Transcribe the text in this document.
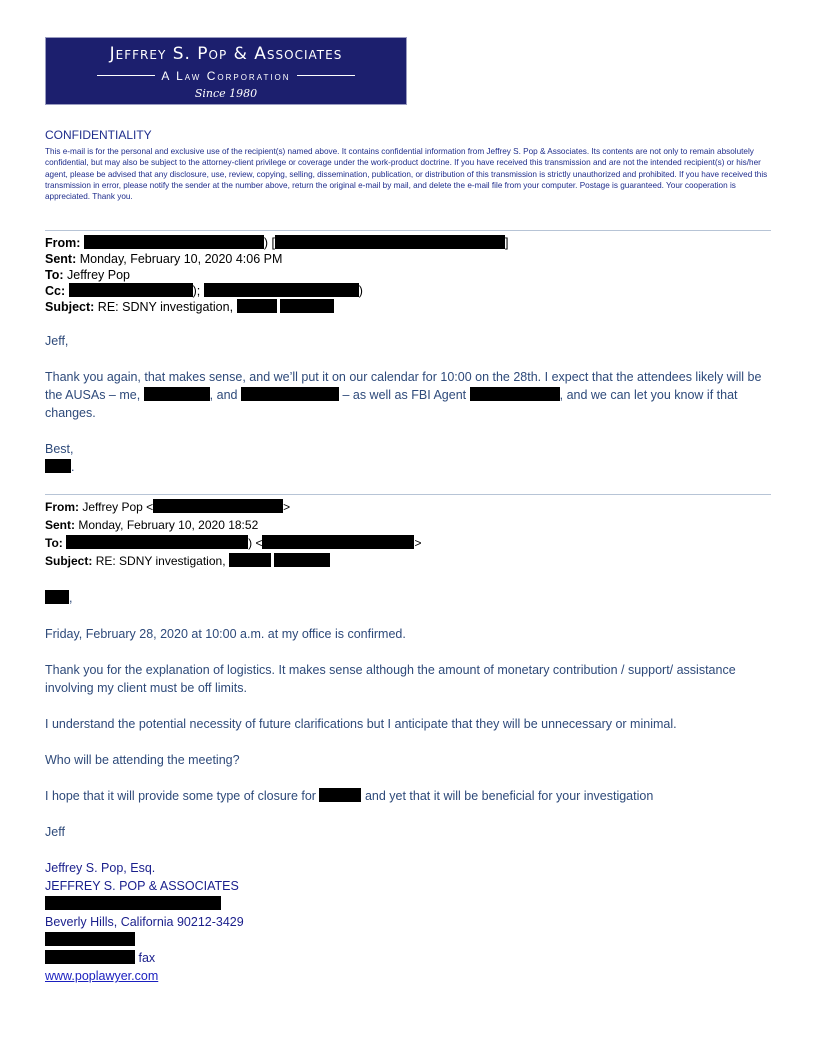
Jeffrey S. Pop & Associates
A Law Corporation
Since 1980
CONFIDENTIALITY
This e-mail is for the personal and exclusive use of the recipient(s) named above. It contains confidential information from Jeffrey S. Pop & Associates. Its contents are not only to remain absolutely confidential, but may also be subject to the attorney-client privilege or coverage under the work-product doctrine. If you have received this transmission and are not the intended recipient(s) or his/her agent, please be advised that any disclosure, use, review, copying, selling, dissemination, publication, or distribution of this transmission is strictly unauthorized and prohibited. If you have received this transmission in error, please notify the sender at the number above, return the original e-mail by mail, and delete the e-mail file from your computer. Postage is guaranteed. Your cooperation is appreciated. Thank you.
From:	) [	]
Sent: Monday, February 10, 2020 4:06 PM
To: Jeffrey Pop
Cc:	);	)
Subject: RE: SDNY investigation,
Jeff,
Thank you again, that makes sense, and we’ll put it on our calendar for 10:00 on the 28th. I expect that the attendees likely will be the AUSAs – me,	, and	– as well as FBI Agent	, and we can let you know if that changes.
Best,
.
From: Jeffrey Pop <	>
Sent: Monday, February 10, 2020 18:52
To:	) <	>
Subject: RE: SDNY investigation,
,
Friday, February 28, 2020 at 10:00 a.m. at my office is confirmed.
Thank you for the explanation of logistics. It makes sense although the amount of monetary contribution / support/ assistance involving my client must be off limits.
I understand the potential necessity of future clarifications but I anticipate that they will be unnecessary or minimal.
Who will be attending the meeting?
I hope that it will provide some type of closure for	and yet that it will be beneficial for your investigation
Jeff
Jeffrey S. Pop, Esq.
JEFFREY S. POP & ASSOCIATES
Beverly Hills, California 90212-3429
fax
www.poplawyer.com
